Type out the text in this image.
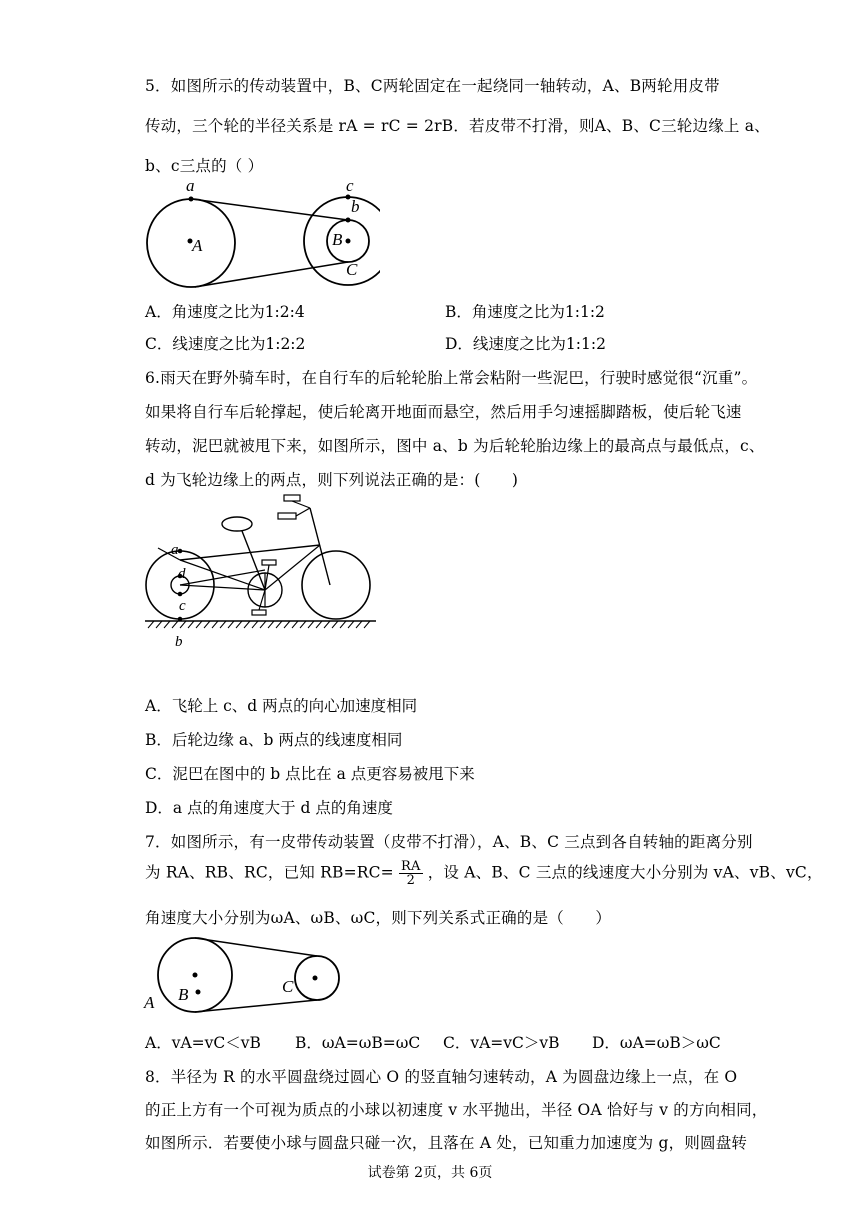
5．如图所示的传动装置中，B、C两轮固定在一起绕同一轴转动，A、B两轮用皮带
传动，三个轮的半径关系是 rA = rC = 2rB．若皮带不打滑，则A、B、C三轮边缘上 a、
b、c三点的（ ）
a
A
c
b
B
C
A．角速度之比为1:2:4	B．角速度之比为1:1:2
C．线速度之比为1:2:2	D．线速度之比为1:1:2
6.雨天在野外骑车时，在自行车的后轮轮胎上常会粘附一些泥巴，行驶时感觉很“沉重”。
如果将自行车后轮撑起，使后轮离开地面而悬空，然后用手匀速摇脚踏板，使后轮飞速
转动，泥巴就被甩下来，如图所示，图中 a、b 为后轮轮胎边缘上的最高点与最低点，c、
d 为飞轮边缘上的两点，则下列说法正确的是：(　　)
a
d
c
b
A．飞轮上 c、d 两点的向心加速度相同
B．后轮边缘 a、b 两点的线速度相同
C．泥巴在图中的 b 点比在 a 点更容易被甩下来
D．a 点的角速度大于 d 点的角速度
7．如图所示，有一皮带传动装置（皮带不打滑），A、B、C 三点到各自转轴的距离分别
为 RA、RB、RC，已知 $RB=RC= \frac{RA}{2}$ ，设 A、B、C 三点的线速度大小分别为 vA、vB、vC，
角速度大小分别为ωA、ωB、ωC，则下列关系式正确的是（　　）
A B	C
A．vA=vC＜vB B．ωA=ωB=ωC C．vA=vC＞vB D．ωA=ωB＞ωC
8．半径为 R 的水平圆盘绕过圆心 O 的竖直轴匀速转动，A 为圆盘边缘上一点，在 O
的正上方有一个可视为质点的小球以初速度 v 水平抛出，半径 OA 恰好与 v 的方向相同，
如图所示．若要使小球与圆盘只碰一次，且落在 A 处，已知重力加速度为 g，则圆盘转
试卷第 2页，共 6页
